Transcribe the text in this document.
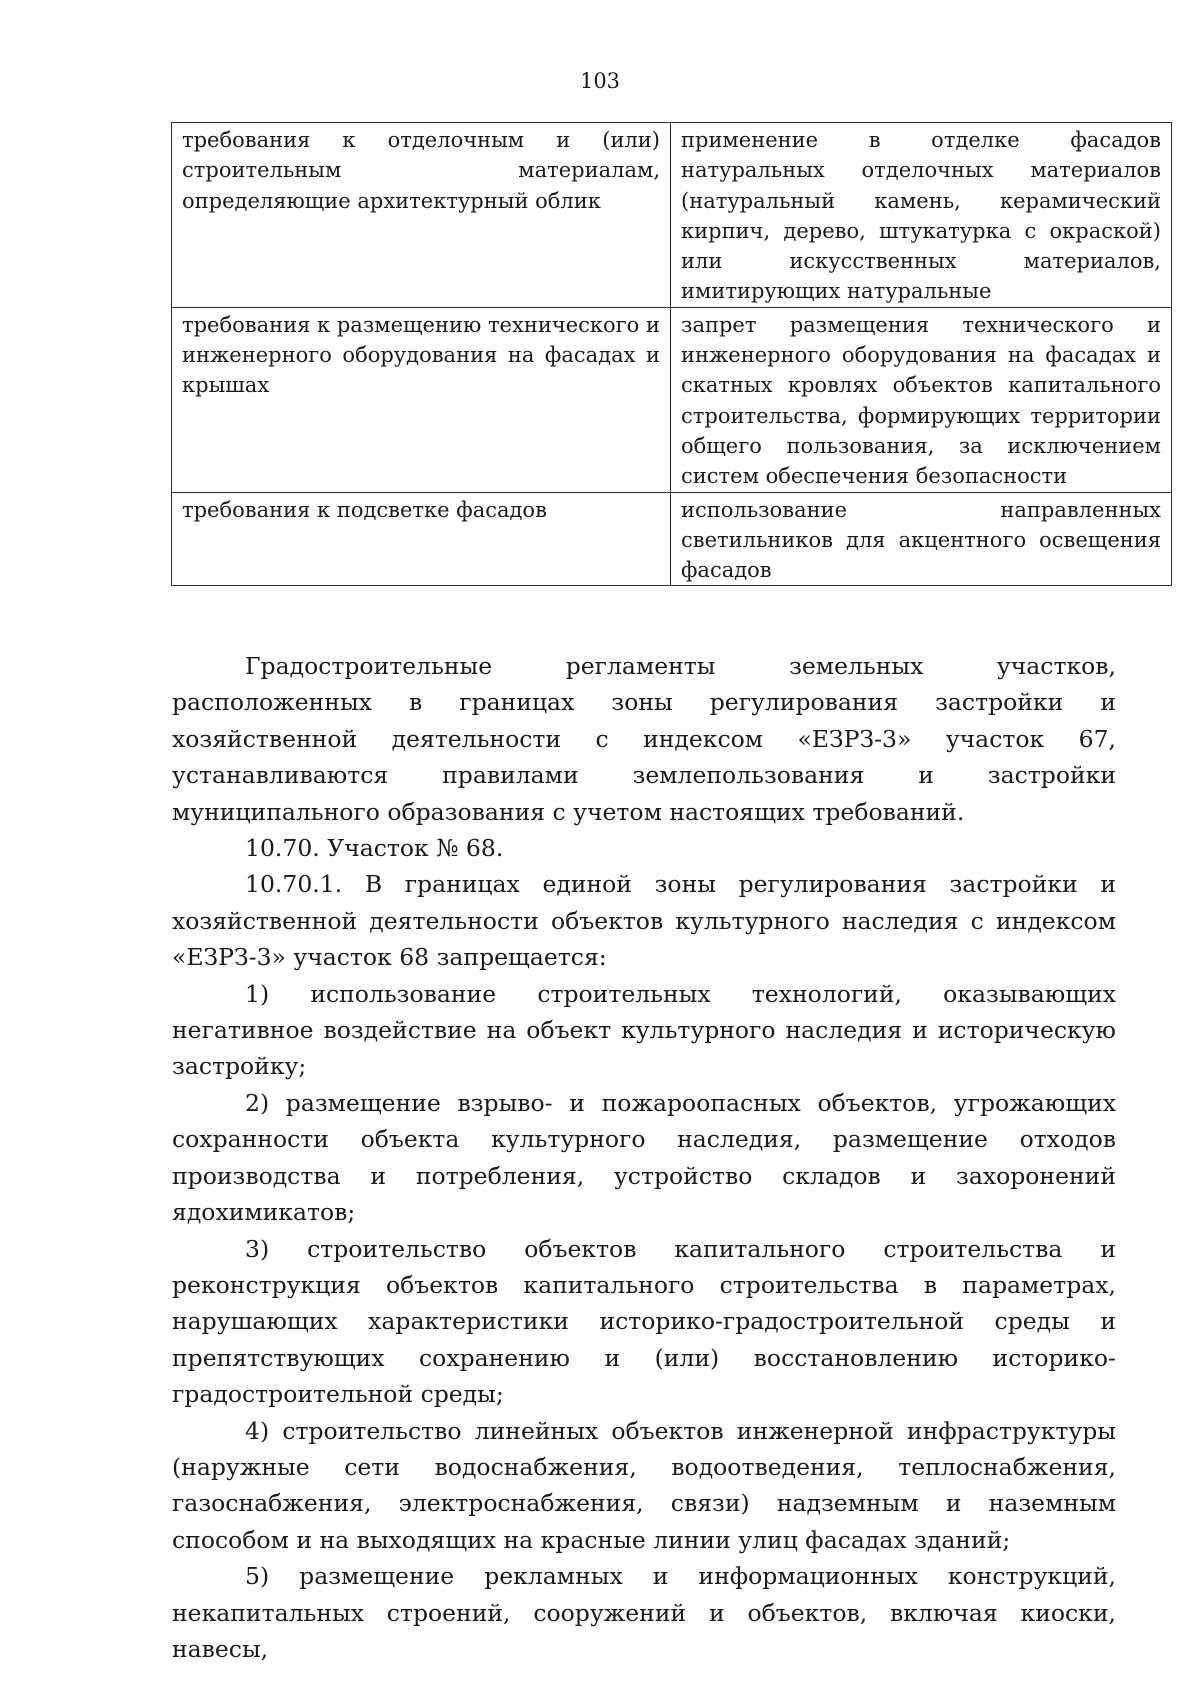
103
требования к отделочным и (или) строительным материалам, определяющие архитектурный облик	применение в отделке фасадов натуральных отделочных материалов (натуральный камень, керамический кирпич, дерево, штукатурка с окраской) или искусственных материалов, имитирующих натуральные
требования к размещению технического и инженерного оборудования на фасадах и крышах	запрет размещения технического и инженерного оборудования на фасадах и скатных кровлях объектов капитального строительства, формирующих территории общего пользования, за исключением систем обеспечения безопасности
требования к подсветке фасадов	использование направленных светильников для акцентного освещения фасадов

Градостроительные регламенты земельных участков, расположенных в границах зоны регулирования застройки и хозяйственной деятельности с индексом «ЕЗРЗ-3» участок 67, устанавливаются правилами землепользования и застройки муниципального образования с учетом настоящих требований.

10.70. Участок № 68.

10.70.1. В границах единой зоны регулирования застройки и хозяйственной деятельности объектов культурного наследия с индексом «ЕЗРЗ-3» участок 68 запрещается:

1) использование строительных технологий, оказывающих негативное воздействие на объект культурного наследия и историческую застройку;

2) размещение взрыво- и пожароопасных объектов, угрожающих сохранности объекта культурного наследия, размещение отходов производства и потребления, устройство складов и захоронений ядохимикатов;

3) строительство объектов капитального строительства и реконструкция объектов капитального строительства в параметрах, нарушающих характеристики историко-градостроительной среды и препятствующих сохранению и (или) восстановлению историко-градостроительной среды;

4) строительство линейных объектов инженерной инфраструктуры (наружные сети водоснабжения, водоотведения, теплоснабжения, газоснабжения, электроснабжения, связи) надземным и наземным способом и на выходящих на красные линии улиц фасадах зданий;

5) размещение рекламных и информационных конструкций, некапитальных строений, сооружений и объектов, включая киоски, навесы,
